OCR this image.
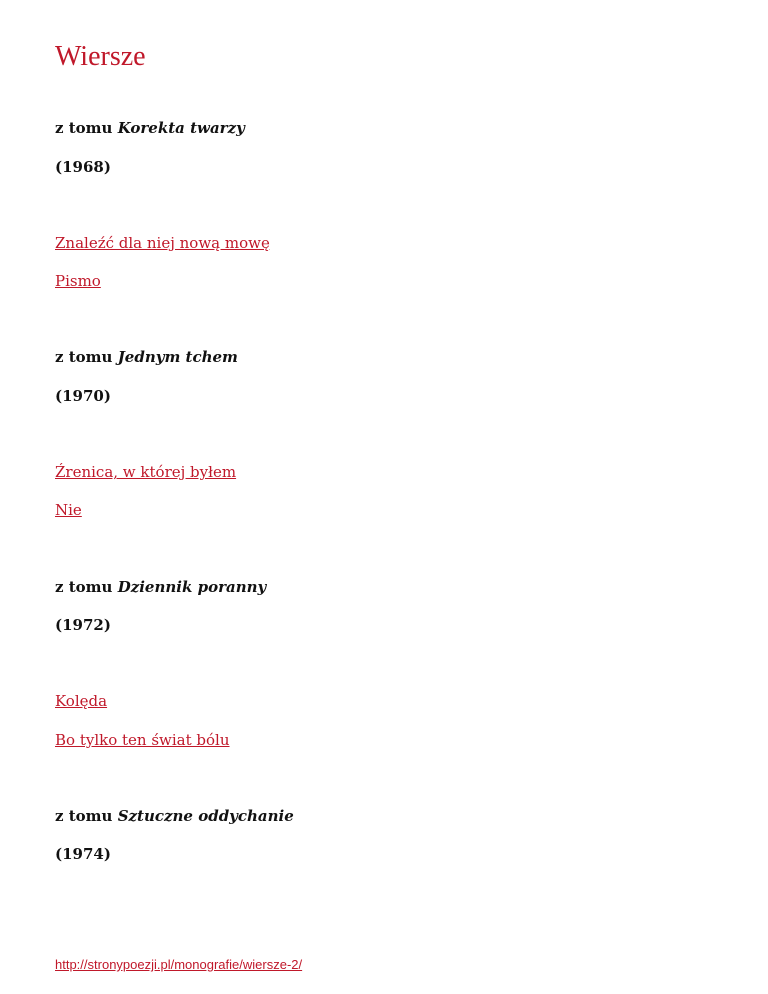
Wiersze

z tomu Korekta twarzy

(1968)

Znaleźć dla niej nową mowę

Pismo

z tomu Jednym tchem

(1970)

Źrenica, w której byłem

Nie

z tomu Dziennik poranny

(1972)

Kolęda

Bo tylko ten świat bólu

z tomu Sztuczne oddychanie

(1974)

http://stronypoezji.pl/monografie/wiersze-2/
